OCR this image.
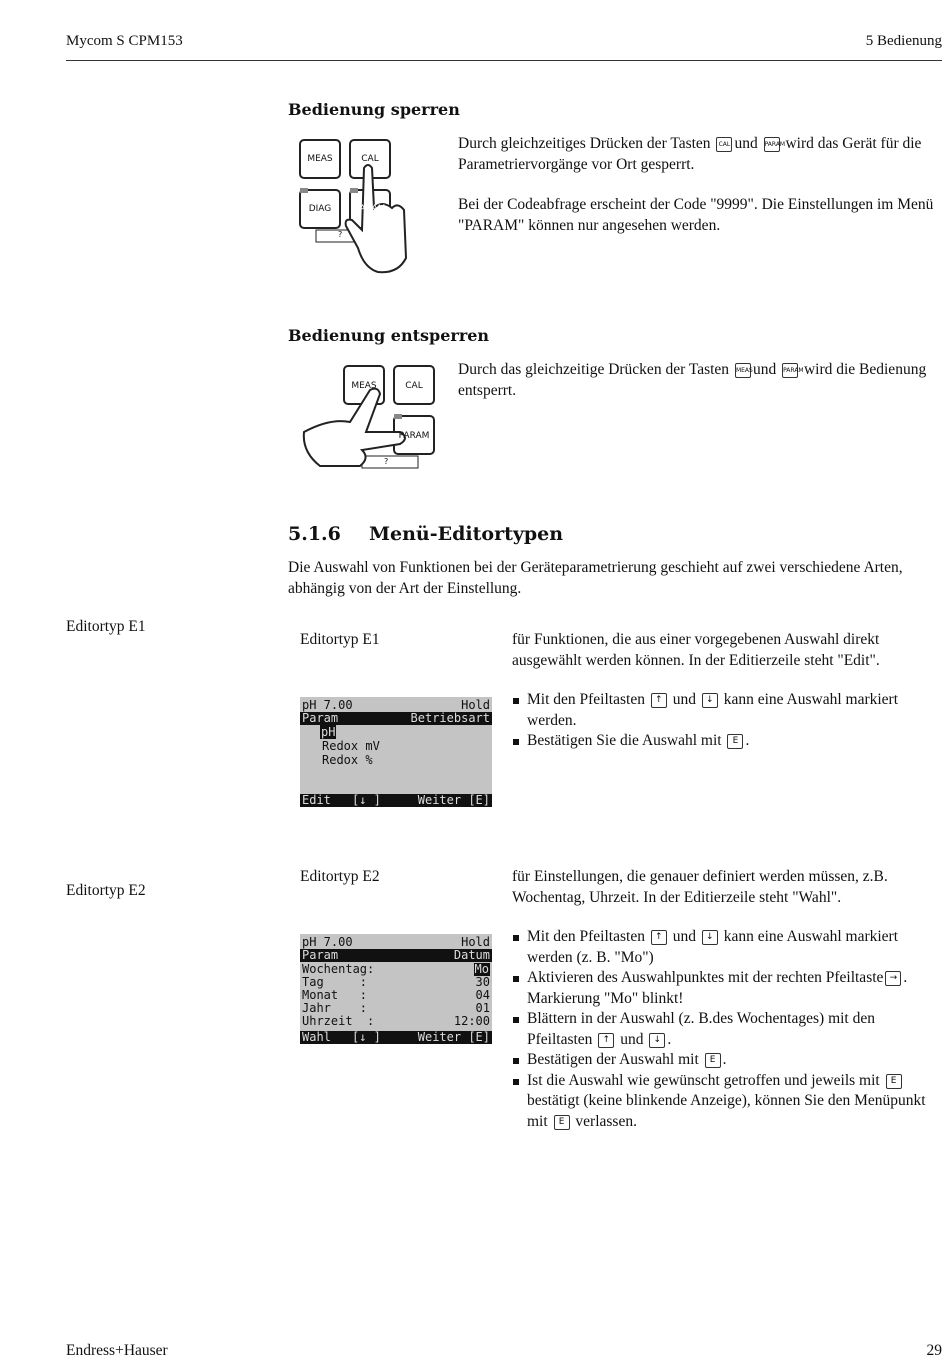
Mycom S CPM153	5 Bedienung
Bedienung sperren
MEAS	CAL
DIAG	PARAM
?
Durch gleichzeitiges Drücken der Tasten CAL und PARAM wird das Gerät für die Parametriervorgänge vor Ort gesperrt.

Bei der Codeabfrage erscheint der Code "9999". Die Einstellungen im Menü "PARAM" können nur angesehen werden.

Bedienung entsperren
MEAS	CAL
PARAM
?
Durch das gleichzeitige Drücken der Tasten MEASund PARAM wird die Bedienung entsperrt.
5.1.6 Menü-Editortypen

Die Auswahl von Funktionen bei der Geräteparametrierung geschieht auf zwei verschiedene Arten, abhängig von der Art der Einstellung.

Editortyp E1
Editortyp E1	für Funktionen, die aus einer vorgegebenen Auswahl direkt ausgewählt werden können. In der Editierzeile steht "Edit".

pH 7.00	Hold
Param	Betriebsart
pH
Redox mV
Redox %
Edit [↓ ]	Weiter [E]
Mit den Pfeiltasten ↑ und ↓ kann eine Auswahl markiert werden.
Bestätigen Sie die Auswahl mit E .
Editortyp E2
Editortyp E2	für Einstellungen, die genauer definiert werden müssen, z.B. Wochentag, Uhrzeit. In der Editierzeile steht "Wahl".

pH 7.00	Hold
Param	Datum
Wochentag:	Mo
Tag     :	30
Monat   :	04
Jahr    :	01
Uhrzeit  :	12:00
Wahl [↓ ]	Weiter [E]
Mit den Pfeiltasten ↑ und ↓ kann eine Auswahl markiert werden (z. B. "Mo")
Aktivieren des Auswahlpunktes mit der rechten Pfeiltaste → . Markierung "Mo" blinkt!
Blättern in der Auswahl (z. B.des Wochentages) mit den Pfeiltasten ↑ und ↓ .
Bestätigen der Auswahl mit E .
Ist die Auswahl wie gewünscht getroffen und jeweils mit E bestätigt (keine blinkende Anzeige), können Sie den Menüpunkt mit E verlassen.
Endress+Hauser	29
